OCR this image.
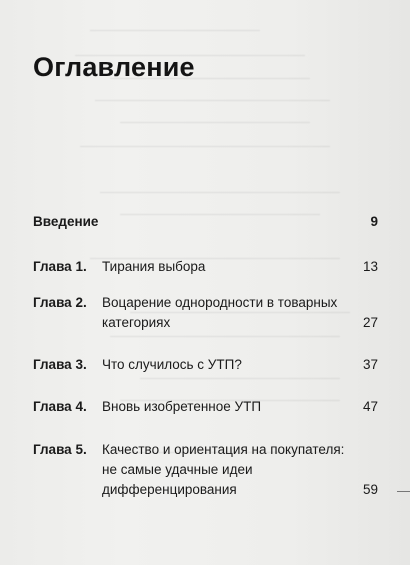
Оглавление
Введение	9
Глава 1. Тирания выбора	13
Глава 2. Воцарение однородности в товарных категориях	27
Глава 3. Что случилось с УТП?	37
Глава 4. Вновь изобретенное УТП	47
Глава 5. Качество и ориентация на покупателя: не самые удачные идеи дифференцирования	59
